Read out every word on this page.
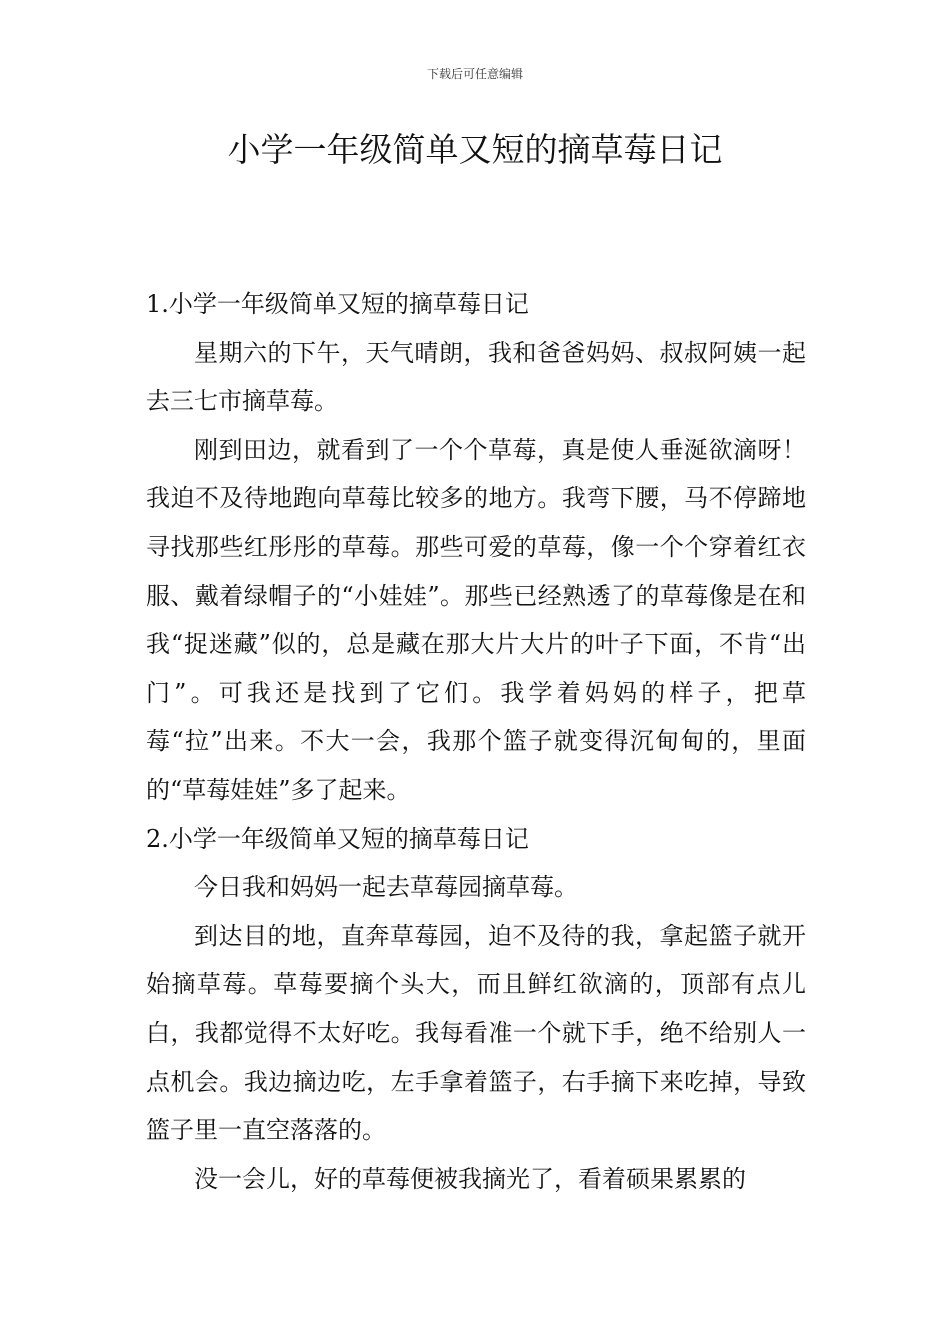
下载后可任意编辑
小学一年级简单又短的摘草莓日记
1.小学一年级简单又短的摘草莓日记

星期六的下午，天气晴朗，我和爸爸妈妈、叔叔阿姨一起去三七市摘草莓。

刚到田边，就看到了一个个草莓，真是使人垂涎欲滴呀！我迫不及待地跑向草莓比较多的地方。我弯下腰，马不停蹄地寻找那些红彤彤的草莓。那些可爱的草莓，像一个个穿着红衣服、戴着绿帽子的“小娃娃”。那些已经熟透了的草莓像是在和我“捉迷藏”似的，总是藏在那大片大片的叶子下面，不肯“出门”。可我还是找到了它们。我学着妈妈的样子，把草莓“拉”出来。不大一会，我那个篮子就变得沉甸甸的，里面的“草莓娃娃”多了起来。

2.小学一年级简单又短的摘草莓日记

今日我和妈妈一起去草莓园摘草莓。

到达目的地，直奔草莓园，迫不及待的我，拿起篮子就开始摘草莓。草莓要摘个头大，而且鲜红欲滴的，顶部有点儿白，我都觉得不太好吃。我每看准一个就下手，绝不给别人一点机会。我边摘边吃，左手拿着篮子，右手摘下来吃掉，导致篮子里一直空落落的。

没一会儿，好的草莓便被我摘光了，看着硕果累累的
